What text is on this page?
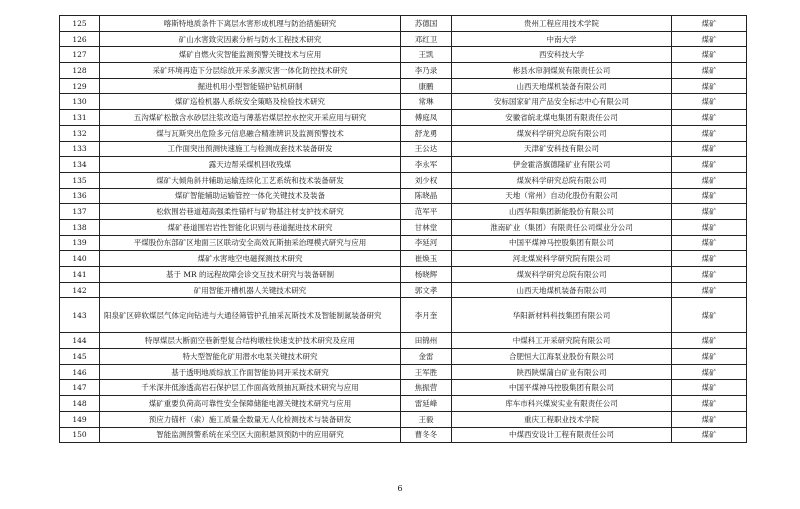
125	喀斯特地质条件下离层水害形成机理与防治措施研究	苏德国	贵州工程应用技术学院	煤矿
126	矿山水害致灾因素分析与防水工程技术研究	邓红卫	中南大学	煤矿
127	煤矿自燃火灾智能监测预警关键技术与应用	王凯	西安科技大学	煤矿
128	采矿环境再造下分层综放开采多源灾害一体化防控技术研究	李乃录	彬县水帘洞煤炭有限责任公司	煤矿
129	掘进机用小型智能锚护钻机研制	康鹏	山西天地煤机装备有限公司	煤矿
130	煤矿巡检机器人系统安全策略及检验技术研究	常琳	安标国家矿用产品安全标志中心有限公司	煤矿
131	五沟煤矿松散含水砂层注浆改造与薄基岩煤层控水控灾开采应用与研究	傅庭凤	安徽省皖北煤电集团有限责任公司	煤矿
132	煤与瓦斯突出危险多元信息融合精准辨识及监测预警技术	舒龙勇	煤炭科学研究总院有限公司	煤矿
133	工作面突出预测快速施工与检测成套技术装备研发	王公达	天津矿安科技有限公司	煤矿
134	露天边帮采煤机回收残煤	李永军	伊金霍洛旗德隆矿业有限公司	煤矿
135	煤矿大倾角斜井辅助运输连续化工艺系统和技术装备研发	刘少权	煤炭科学研究总院有限公司	煤矿
136	煤矿智能辅助运输管控一体化关键技术及装备	陈晓晶	天地（常州）自动化股份有限公司	煤矿
137	松软围岩巷道超高强柔性锚杆与矿物基注材支护技术研究	范军平	山西华阳集团新能股份有限公司	煤矿
138	煤矿巷道围岩岩性智能化识别与巷道掘进技术研究	甘林堂	淮南矿业（集团）有限责任公司煤业分公司	煤矿
139	平煤股份东部矿区地面三区联动安全高效瓦斯抽采治理模式研究与应用	李延河	中国平煤神马控股集团有限公司	煤矿
140	煤矿水害地空电磁探测技术研究	崔焕玉	河北煤炭科学研究院有限公司	煤矿
141	基于 MR 的远程故障会诊交互技术研究与装备研制	杨晓辉	煤炭科学研究总院有限公司	煤矿
142	矿用智能开槽机器人关键技术研究	郭文孝	山西天地煤机装备有限公司	煤矿
143	阳泉矿区碎软煤层气体定向钻进与大通径筛管护孔抽采瓦斯技术及智能制氮装备研究	李月奎	华阳新材料科技集团有限公司	煤矿
144	特厚煤层大断面空巷新型复合结构墩柱快速支护技术研究及应用	田锦州	中煤科工开采研究院有限公司	煤矿
145	特大型智能化矿用潜水电泵关键技术研究	金雷	合肥恒大江海泵业股份有限公司	煤矿
146	基于透明地质综放工作面智能协同开采技术研究	王军胜	陕西陕煤蒲白矿业有限公司	煤矿
147	千米深井低渗透高岩石保护层工作面高效预抽瓦斯技术研究与应用	焦振营	中国平煤神马控股集团有限公司	煤矿
148	煤矿重要负荷高可靠性安全保障储能电源关键技术研究与应用	雷延峰	库车市科兴煤炭实业有限责任公司	煤矿
149	预应力锚杆（索）施工质量全数量无人化检测技术与装备研发	王毅	重庆工程职业技术学院	煤矿
150	智能监测预警系统在采空区大面积悬顶预防中的应用研究	曹冬冬	中煤西安设计工程有限责任公司	煤矿
6
